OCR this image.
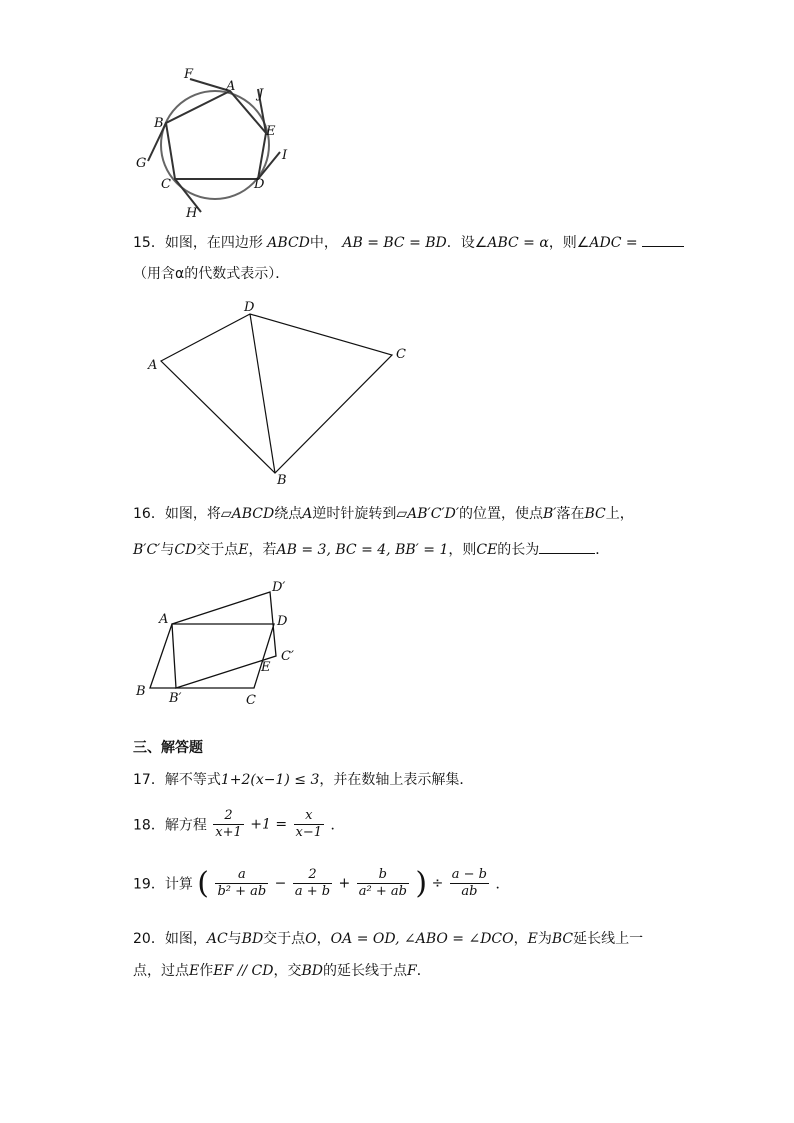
F
A
J
B
E
I
G
C	D
H
15．如图，在四边形 ABCD中， AB = BC = BD．设∠ABC = α，则∠ADC =
（用含α的代数式表示）．
D
A
C
B
16．如图，将▱ABCD绕点A逆时针旋转到▱AB′C′D′的位置，使点B′落在BC上，
B′C′与CD交于点E，若AB = 3, BC = 4, BB′ = 1，则CE的长为	．
D′
A	D
C′
E
B B′	C
三、解答题
17．解不等式1+2(x−1) ≤ 3，并在数轴上表示解集．
18．解方程 $\frac{2}{x+1} +1 = \frac{x}{x-1}$ ．
19．计算 ( $\frac{a}{\text{b² + ab}} - \frac{2}{a + b} + \frac{b}{\text{a² + ab}}$ ) ÷ $\frac{a - b}{ab}$ ．
20．如图，AC与BD交于点O，OA = OD, ∠ABO = ∠DCO，E为BC延长线上一
点，过点E作EF // CD，交BD的延长线于点F．
